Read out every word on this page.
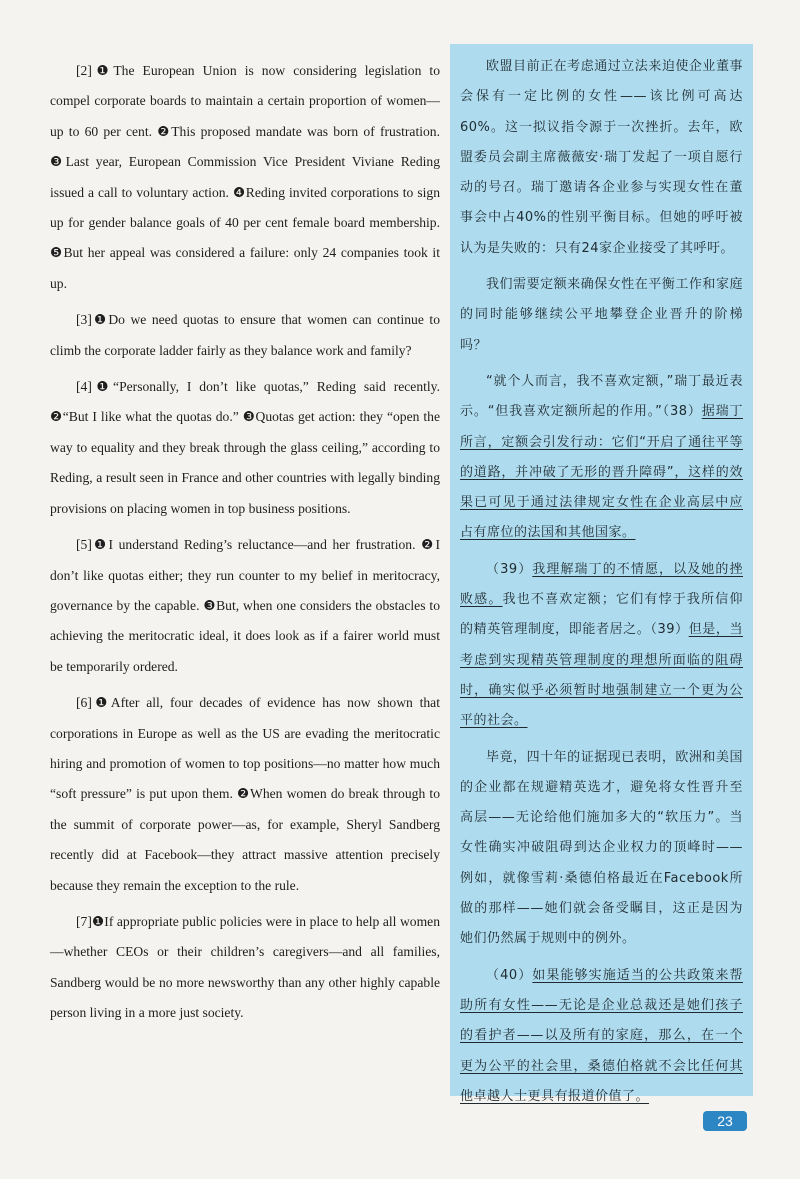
[2]❶The European Union is now considering legislation to compel corporate boards to maintain a certain proportion of women—up to 60 per cent. ❷This proposed mandate was born of frustration. ❸Last year, European Commission Vice President Viviane Reding issued a call to voluntary action. ❹Reding invited corporations to sign up for gender balance goals of 40 per cent female board membership. ❺But her appeal was considered a failure: only 24 companies took it up.

[3]❶Do we need quotas to ensure that women can continue to climb the corporate ladder fairly as they balance work and family?

[4]❶“Personally, I don’t like quotas,” Reding said recently. ❷“But I like what the quotas do.” ❸Quotas get action: they “open the way to equality and they break through the glass ceiling,” according to Reding, a result seen in France and other countries with legally binding provisions on placing women in top business positions.

[5]❶I understand Reding’s reluctance—and her frustration. ❷I don’t like quotas either; they run counter to my belief in meritocracy, governance by the capable. ❸But, when one considers the obstacles to achieving the meritocratic ideal, it does look as if a fairer world must be temporarily ordered.

[6]❶After all, four decades of evidence has now shown that corporations in Europe as well as the US are evading the meritocratic hiring and promotion of women to top positions—no matter how much “soft pressure” is put upon them. ❷When women do break through to the summit of corporate power—as, for example, Sheryl Sandberg recently did at Facebook—they attract massive attention precisely because they remain the exception to the rule.

[7]❶If appropriate public policies were in place to help all women—whether CEOs or their children’s caregivers—and all families, Sandberg would be no more newsworthy than any other highly capable person living in a more just society.

欧盟目前正在考虑通过立法来迫使企业董事会保有一定比例的女性——该比例可高达60%。这一拟议指令源于一次挫折。去年，欧盟委员会副主席薇薇安·瑞丁发起了一项自愿行动的号召。瑞丁邀请各企业参与实现女性在董事会中占40%的性别平衡目标。但她的呼吁被认为是失败的：只有24家企业接受了其呼吁。

我们需要定额来确保女性在平衡工作和家庭的同时能够继续公平地攀登企业晋升的阶梯吗？

“就个人而言，我不喜欢定额，”瑞丁最近表示。“但我喜欢定额所起的作用。”（38）据瑞丁所言，定额会引发行动：它们“开启了通往平等的道路，并冲破了无形的晋升障碍”，这样的效果已可见于通过法律规定女性在企业高层中应占有席位的法国和其他国家。

（39）我理解瑞丁的不情愿，以及她的挫败感。我也不喜欢定额；它们有悖于我所信仰的精英管理制度，即能者居之。（39）但是，当考虑到实现精英管理制度的理想所面临的阻碍时，确实似乎必须暂时地强制建立一个更为公平的社会。

毕竟，四十年的证据现已表明，欧洲和美国的企业都在规避精英选才，避免将女性晋升至高层——无论给他们施加多大的“软压力”。当女性确实冲破阻碍到达企业权力的顶峰时——例如，就像雪莉·桑德伯格最近在Facebook所做的那样——她们就会备受瞩目，这正是因为她们仍然属于规则中的例外。

（40）如果能够实施适当的公共政策来帮助所有女性——无论是企业总裁还是她们孩子的看护者——以及所有的家庭，那么，在一个更为公平的社会里，桑德伯格就不会比任何其他卓越人士更具有报道价值了。

23
